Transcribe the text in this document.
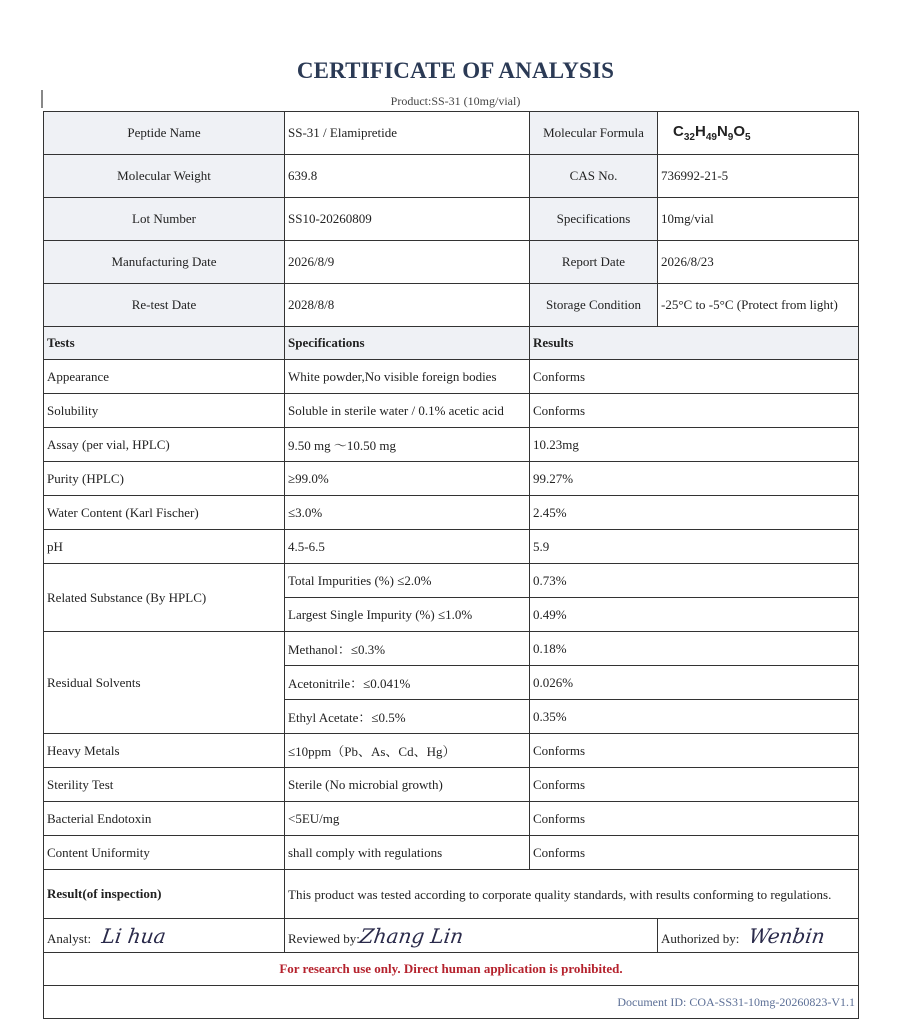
CERTIFICATE OF ANALYSIS
Product:SS-31 (10mg/vial)
Peptide Name	SS-31 / Elamipretide	Molecular Formula	$C_{32}H_{49}N_9O_5$
Molecular Weight	639.8	CAS No.	736992-21-5
Lot Number	SS10-20260809	Specifications	10mg/vial
Manufacturing Date	2026/8/9	Report Date	2026/8/23
Re-test Date	2028/8/8	Storage Condition	-25°C to -5°C (Protect from light)
Tests	Specifications	Results	
Appearance	White powder,No visible foreign bodies	Conforms	
Solubility	Soluble in sterile water / 0.1% acetic acid	Conforms	
Assay (per vial, HPLC)	9.50 mg ～10.50 mg	10.23mg	
Purity (HPLC)	≥99.0%	99.27%	
Water Content (Karl Fischer)	≤3.0%	2.45%	
pH	4.5-6.5	5.9	
Related Substance (By HPLC)	Total Impurities (%) ≤2.0%	0.73%	
	Largest Single Impurity (%) ≤1.0%	0.49%	
Residual Solvents	Methanol：≤0.3%	0.18%	
	Acetonitrile：≤0.041%	0.026%	
	Ethyl Acetate：≤0.5%	0.35%	
Heavy Metals	≤10ppm（Pb、As、Cd、Hg）	Conforms	
Sterility Test	Sterile (No microbial growth)	Conforms	
Bacterial Endotoxin	<5EU/mg	Conforms	
Content Uniformity	shall comply with regulations	Conforms	
Result(of inspection)	This product was tested according to corporate quality standards, with results conforming to regulations.		
Analyst: Li hua	Reviewed by:Zhang Lin		Authorized by: Wenbin
For research use only. Direct human application is prohibited.			
Document ID: COA-SS31-10mg-20260823-V1.1			
